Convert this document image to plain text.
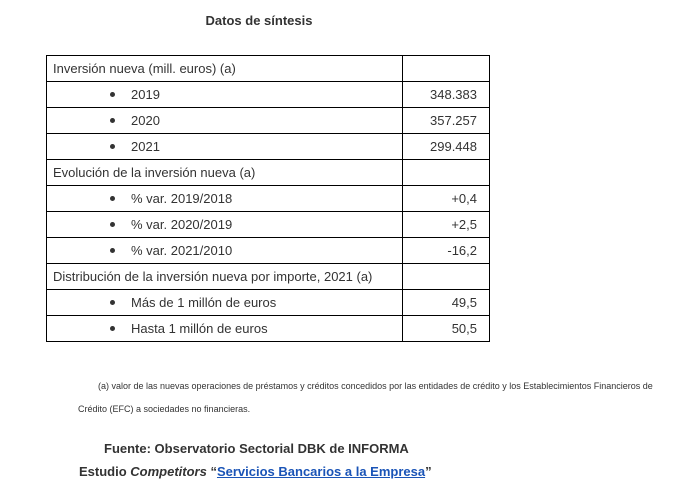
Datos de síntesis
Inversión nueva (mill. euros) (a)	

2019	348.383

2020	357.257

2021	299.448
Evolución de la inversión nueva (a)	

% var. 2019/2018	+0,4

% var. 2020/2019	+2,5

% var. 2021/2010	-16,2
Distribución de la inversión nueva por importe, 2021 (a)	

Más de 1 millón de euros	49,5

Hasta 1 millón de euros	50,5
(a) valor de las nuevas operaciones de préstamos y créditos concedidos por las entidades de crédito y los Establecimientos Financieros de Crédito (EFC) a sociedades no financieras.
Fuente: Observatorio Sectorial DBK de INFORMA
Estudio Competitors “Servicios Bancarios a la Empresa”
